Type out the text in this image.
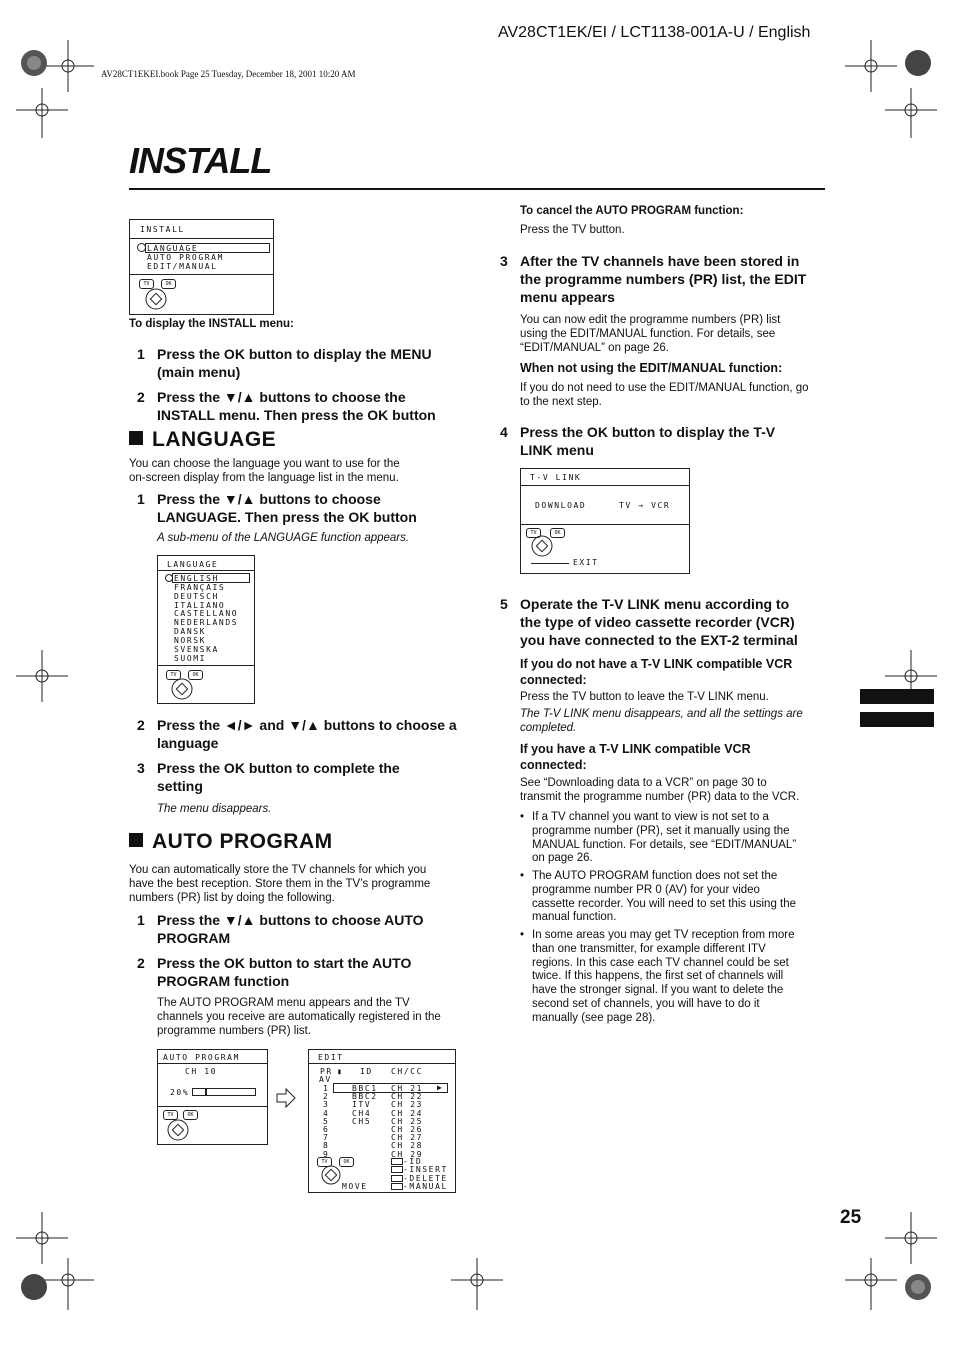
AV28CT1EK/EI / LCT1138-001A-U / English
AV28CT1EKEI.book Page 25 Tuesday, December 18, 2001 10:20 AM
INSTALL
INSTALL
LANGUAGE
AUTO PROGRAM
EDIT/MANUAL
TV	OK
To display the INSTALL menu:
1 Press the OK button to display the MENU
(main menu)
2 Press the ▼/▲ buttons to choose the
INSTALL menu. Then press the OK button
LANGUAGE
You can choose the language you want to use for the
on-screen display from the language list in the menu.
1 Press the ▼/▲ buttons to choose
LANGUAGE. Then press the OK button
A sub-menu of the LANGUAGE function appears.
LANGUAGE
ENGLISH
FRANÇAIS
DEUTSCH
ITALIANO
CASTELLANO
NEDERLANDS
DANSK
NORSK
SVENSKA
SUOMI
TV	OK
2 Press the ◄/► and ▼/▲ buttons to choose a
language
3 Press the OK button to complete the
setting
The menu disappears.
AUTO PROGRAM
You can automatically store the TV channels for which you
have the best reception. Store them in the TV’s programme
numbers (PR) list by doing the following.
1 Press the ▼/▲ buttons to choose AUTO
PROGRAM
2 Press the OK button to start the AUTO
PROGRAM function
The AUTO PROGRAM menu appears and the TV
channels you receive are automatically registered in the
programme numbers (PR) list.
AUTO PROGRAM
CH 10
20%
TV	OK
EDIT
PR ▮ ID CH/CC
AV
▶
1	BBC1 CH 21
2	BBC2 CH 22
3	ITV CH 23
4	CH4 CH 24
5	CH5 CH 25
6	CH 26
7	CH 27
8	CH 28
9	CH 29
-ID
-INSERT
-DELETE
-MANUAL
TV	OK
MOVE
To cancel the AUTO PROGRAM function:
Press the TV button.
3 After the TV channels have been stored in
the programme numbers (PR) list, the EDIT
menu appears
You can now edit the programme numbers (PR) list
using the EDIT/MANUAL function. For details, see
“EDIT/MANUAL” on page 26.
When not using the EDIT/MANUAL function:
If you do not need to use the EDIT/MANUAL function, go
to the next step.
4 Press the OK button to display the T-V
LINK menu
T-V LINK
DOWNLOAD	TV → VCR
TV	OK
EXIT
5 Operate the T-V LINK menu according to
the type of video cassette recorder (VCR)
you have connected to the EXT-2 terminal
If you do not have a T-V LINK compatible VCR
connected:
Press the TV button to leave the T-V LINK menu.
The T-V LINK menu disappears, and all the settings are
completed.
If you have a T-V LINK compatible VCR
connected:
See “Downloading data to a VCR” on page 30 to
transmit the programme number (PR) data to the VCR.
• If a TV channel you want to view is not set to a
programme number (PR), set it manually using the
MANUAL function. For details, see “EDIT/MANUAL”
on page 26.
• The AUTO PROGRAM function does not set the
programme number PR 0 (AV) for your video
cassette recorder. You will need to set this using the
manual function.
• In some areas you may get TV reception from more
than one transmitter, for example different ITV
regions. In this case each TV channel could be set
twice. If this happens, the first set of channels will
have the stronger signal. If you want to delete the
second set of channels, you will have to do it
manually (see page 28).
25
